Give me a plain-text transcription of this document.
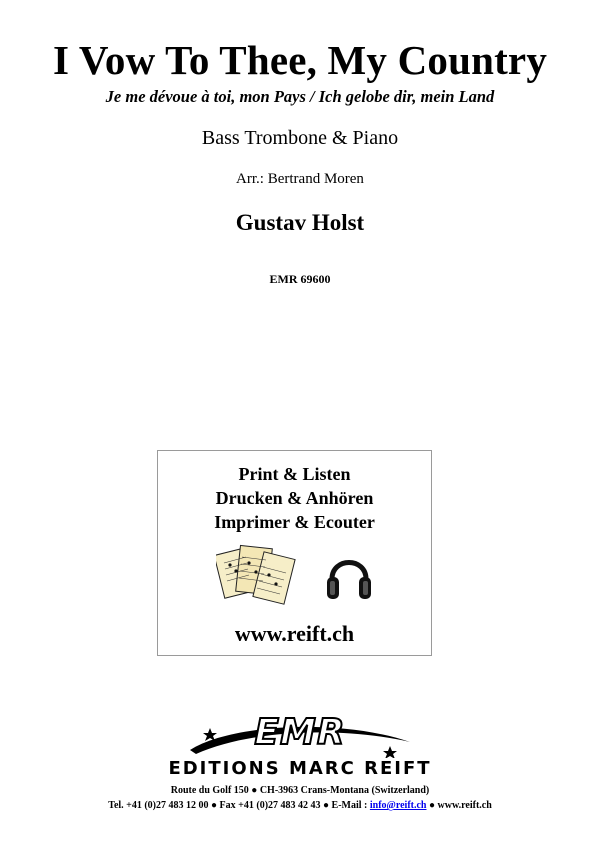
I Vow To Thee, My Country
Je me dévoue à toi, mon Pays / Ich gelobe dir, mein Land
Bass Trombone & Piano
Arr.: Bertrand Moren
Gustav Holst
EMR 69600
Print & Listen
Drucken & Anhören
Imprimer & Ecouter
www.reift.ch
EMR
EDITIONS MARC REIFT
Route du Golf 150 ● CH-3963 Crans-Montana (Switzerland)
Tel. +41 (0)27 483 12 00 ● Fax +41 (0)27 483 42 43 ● E-Mail : info@reift.ch ● www.reift.ch
